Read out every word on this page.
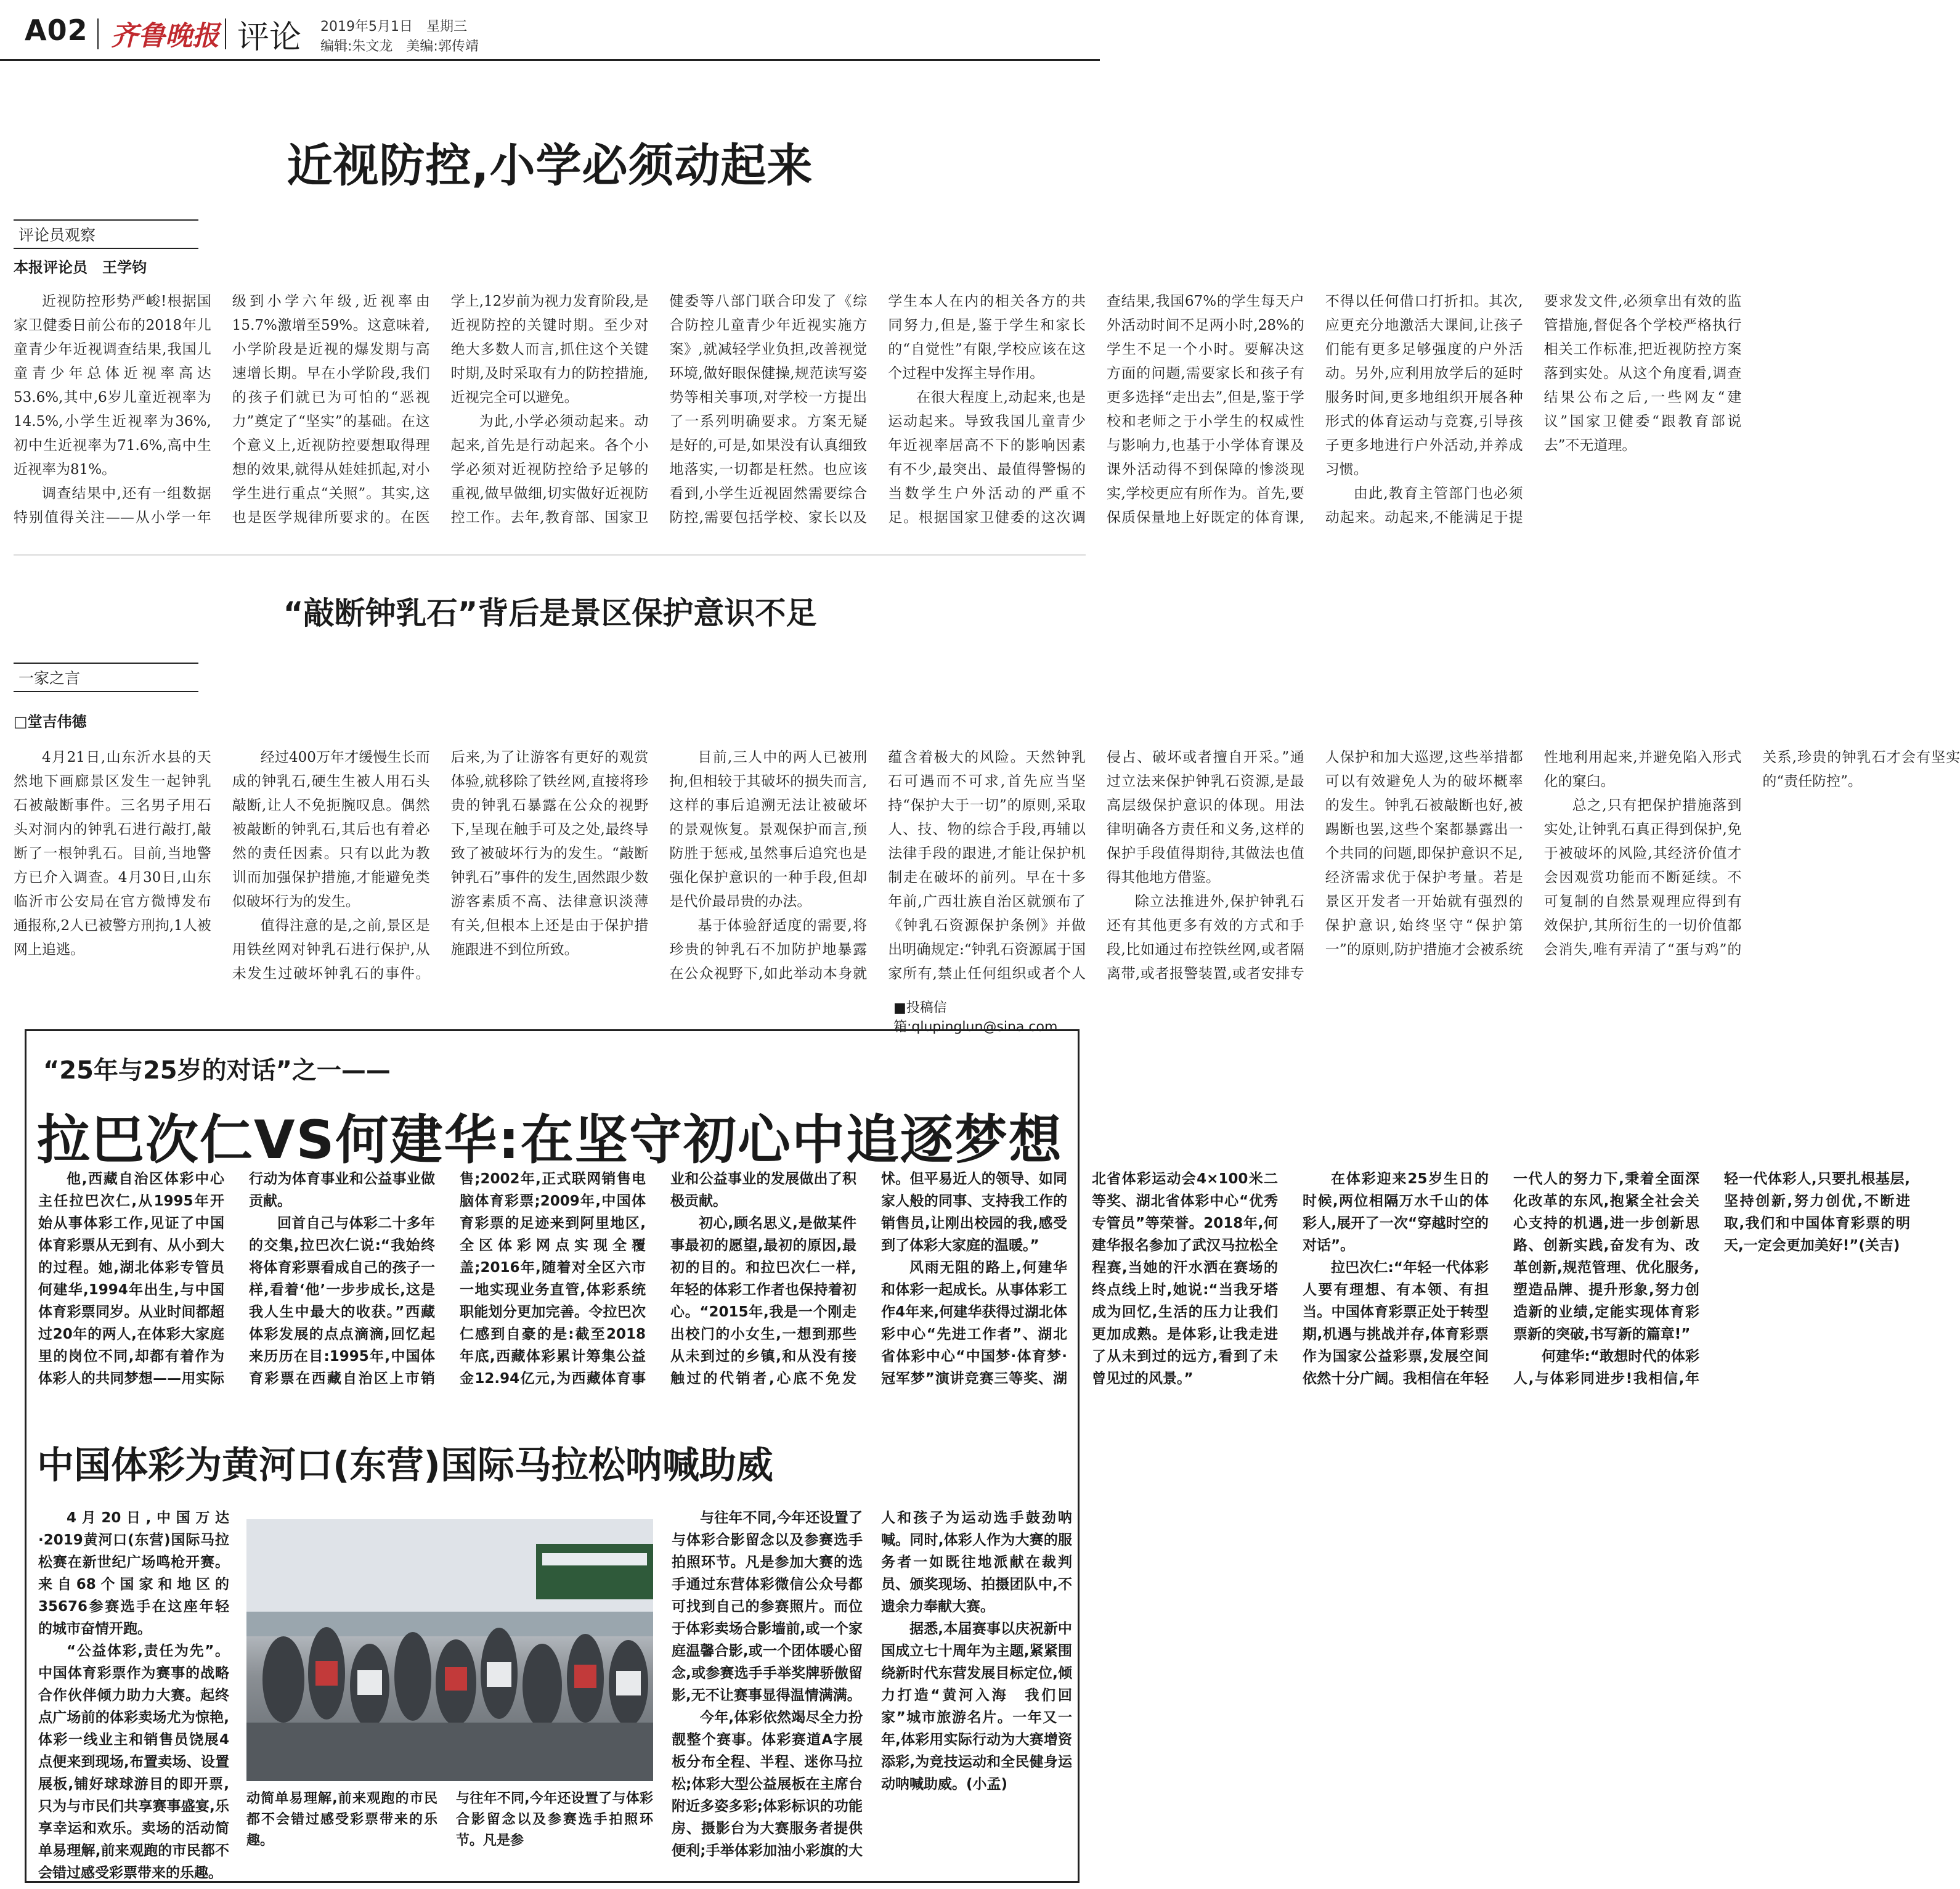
A02 齐鲁晚报 评论 2019年5月1日　星期三
编辑:朱文龙　美编:郭传靖
近视防控,小学必须动起来
评论员观察
本报评论员　王学钧

近视防控形势严峻!根据国家卫健委日前公布的2018年儿童青少年近视调查结果,我国儿童青少年总体近视率高达53.6%,其中,6岁儿童近视率为14.5%,小学生近视率为36%,初中生近视率为71.6%,高中生近视率为81%。

调查结果中,还有一组数据特别值得关注——从小学一年级到小学六年级,近视率由15.7%激增至59%。这意味着,小学阶段是近视的爆发期与高速增长期。早在小学阶段,我们的孩子们就已为可怕的“恶视力”奠定了“坚实”的基础。在这个意义上,近视防控要想取得理想的效果,就得从娃娃抓起,对小学生进行重点“关照”。其实,这也是医学规律所要求的。在医学上,12岁前为视力发育阶段,是近视防控的关键时期。至少对绝大多数人而言,抓住这个关键时期,及时采取有力的防控措施,近视完全可以避免。

为此,小学必须动起来。动起来,首先是行动起来。各个小学必须对近视防控给予足够的重视,做早做细,切实做好近视防控工作。去年,教育部、国家卫健委等八部门联合印发了《综合防控儿童青少年近视实施方案》,就减轻学业负担,改善视觉环境,做好眼保健操,规范读写姿势等相关事项,对学校一方提出了一系列明确要求。方案无疑是好的,可是,如果没有认真细致地落实,一切都是枉然。也应该看到,小学生近视固然需要综合防控,需要包括学校、家长以及学生本人在内的相关各方的共同努力,但是,鉴于学生和家长的“自觉性”有限,学校应该在这个过程中发挥主导作用。

在很大程度上,动起来,也是运动起来。导致我国儿童青少年近视率居高不下的影响因素有不少,最突出、最值得警惕的当数学生户外活动的严重不足。根据国家卫健委的这次调查结果,我国67%的学生每天户外活动时间不足两小时,28%的学生不足一个小时。要解决这方面的问题,需要家长和孩子有更多选择“走出去”,但是,鉴于学校和老师之于小学生的权威性与影响力,也基于小学体育课及课外活动得不到保障的惨淡现实,学校更应有所作为。首先,要保质保量地上好既定的体育课,不得以任何借口打折扣。其次,应更充分地激活大课间,让孩子们能有更多足够强度的户外活动。另外,应利用放学后的延时服务时间,更多地组织开展各种形式的体育运动与竞赛,引导孩子更多地进行户外活动,并养成习惯。

由此,教育主管部门也必须动起来。动起来,不能满足于提要求发文件,必须拿出有效的监管措施,督促各个学校严格执行相关工作标准,把近视防控方案落到实处。从这个角度看,调查结果公布之后,一些网友“建议”国家卫健委“跟教育部说去”不无道理。

“敲断钟乳石”背后是景区保护意识不足
一家之言
□堂吉伟德

4月21日,山东沂水县的天然地下画廊景区发生一起钟乳石被敲断事件。三名男子用石头对洞内的钟乳石进行敲打,敲断了一根钟乳石。目前,当地警方已介入调查。4月30日,山东临沂市公安局在官方微博发布通报称,2人已被警方刑拘,1人被网上追逃。

经过400万年才缓慢生长而成的钟乳石,硬生生被人用石头敲断,让人不免扼腕叹息。偶然被敲断的钟乳石,其后也有着必然的责任因素。只有以此为教训而加强保护措施,才能避免类似破坏行为的发生。

值得注意的是,之前,景区是用铁丝网对钟乳石进行保护,从未发生过破坏钟乳石的事件。后来,为了让游客有更好的观赏体验,就移除了铁丝网,直接将珍贵的钟乳石暴露在公众的视野下,呈现在触手可及之处,最终导致了被破坏行为的发生。“敲断钟乳石”事件的发生,固然跟少数游客素质不高、法律意识淡薄有关,但根本上还是由于保护措施跟进不到位所致。

目前,三人中的两人已被刑拘,但相较于其破坏的损失而言,这样的事后追溯无法让被破坏的景观恢复。景观保护而言,预防胜于惩戒,虽然事后追究也是强化保护意识的一种手段,但却是代价最昂贵的办法。

基于体验舒适度的需要,将珍贵的钟乳石不加防护地暴露在公众视野下,如此举动本身就蕴含着极大的风险。天然钟乳石可遇而不可求,首先应当坚持“保护大于一切”的原则,采取人、技、物的综合手段,再辅以法律手段的跟进,才能让保护机制走在破坏的前列。早在十多年前,广西壮族自治区就颁布了《钟乳石资源保护条例》并做出明确规定:“钟乳石资源属于国家所有,禁止任何组织或者个人侵占、破坏或者擅自开采。”通过立法来保护钟乳石资源,是最高层级保护意识的体现。用法律明确各方责任和义务,这样的保护手段值得期待,其做法也值得其他地方借鉴。

除立法推进外,保护钟乳石还有其他更多有效的方式和手段,比如通过布控铁丝网,或者隔离带,或者报警装置,或者安排专人保护和加大巡逻,这些举措都可以有效避免人为的破坏概率的发生。钟乳石被敲断也好,被踢断也罢,这些个案都暴露出一个共同的问题,即保护意识不足,经济需求优于保护考量。若是景区开发者一开始就有强烈的保护意识,始终坚守“保护第一”的原则,防护措施才会被系统性地利用起来,并避免陷入形式化的窠臼。

总之,只有把保护措施落到实处,让钟乳石真正得到保护,免于被破坏的风险,其经济价值才会因观赏功能而不断延续。不可复制的自然景观理应得到有效保护,其所衍生的一切价值都会消失,唯有弄清了“蛋与鸡”的关系,珍贵的钟乳石才会有坚实的“责任防控”。

■投稿信箱:qlupinglun@sina.com
“25年与25岁的对话”之一——
拉巴次仁VS何建华:在坚守初心中追逐梦想

他,西藏自治区体彩中心主任拉巴次仁,从1995年开始从事体彩工作,见证了中国体育彩票从无到有、从小到大的过程。她,湖北体彩专管员何建华,1994年出生,与中国体育彩票同岁。从业时间都超过20年的两人,在体彩大家庭里的岗位不同,却都有着作为体彩人的共同梦想——用实际行动为体育事业和公益事业做贡献。

回首自己与体彩二十多年的交集,拉巴次仁说:“我始终将体育彩票看成自己的孩子一样,看着‘他’一步步成长,这是我人生中最大的收获。”西藏体彩发展的点点滴滴,回忆起来历历在目:1995年,中国体育彩票在西藏自治区上市销售;2002年,正式联网销售电脑体育彩票;2009年,中国体育彩票的足迹来到阿里地区,全区体彩网点实现全覆盖;2016年,随着对全区六市一地实现业务直管,体彩系统职能划分更加完善。令拉巴次仁感到自豪的是:截至2018年底,西藏体彩累计筹集公益金12.94亿元,为西藏体育事业和公益事业的发展做出了积极贡献。

初心,顾名思义,是做某件事最初的愿望,最初的原因,最初的目的。和拉巴次仁一样,年轻的体彩工作者也保持着初心。“2015年,我是一个刚走出校门的小女生,一想到那些从未到过的乡镇,和从没有接触过的代销者,心底不免发怵。但平易近人的领导、如同家人般的同事、支持我工作的销售员,让刚出校园的我,感受到了体彩大家庭的温暖。”

风雨无阻的路上,何建华和体彩一起成长。从事体彩工作4年来,何建华获得过湖北体彩中心“先进工作者”、湖北省体彩中心“中国梦·体育梦·冠军梦”演讲竞赛三等奖、湖北省体彩运动会4×100米二等奖、湖北省体彩中心“优秀专管员”等荣誉。2018年,何建华报名参加了武汉马拉松全程赛,当她的汗水洒在赛场的终点线上时,她说:“当我牙塔成为回忆,生活的压力让我们更加成熟。是体彩,让我走进了从未到过的远方,看到了未曾见过的风景。”

在体彩迎来25岁生日的时候,两位相隔万水千山的体彩人,展开了一次“穿越时空的对话”。

拉巴次仁:“年轻一代体彩人要有理想、有本领、有担当。中国体育彩票正处于转型期,机遇与挑战并存,体育彩票作为国家公益彩票,发展空间依然十分广阔。我相信在年轻一代人的努力下,秉着全面深化改革的东风,抱紧全社会关心支持的机遇,进一步创新思路、创新实践,奋发有为、改革创新,规范管理、优化服务,塑造品牌、提升形象,努力创造新的业绩,定能实现体育彩票新的突破,书写新的篇章!”

何建华:“敢想时代的体彩人,与体彩同进步!我相信,年轻一代体彩人,只要扎根基层,坚持创新,努力创优,不断进取,我们和中国体育彩票的明天,一定会更加美好!”(关吉)

中国体彩为黄河口(东营)国际马拉松呐喊助威

4月20日,中国万达·2019黄河口(东营)国际马拉松赛在新世纪广场鸣枪开赛。来自68个国家和地区的35676参赛选手在这座年轻的城市奋情开跑。

“公益体彩,责任为先”。中国体育彩票作为赛事的战略合作伙伴倾力助力大赛。起终点广场前的体彩卖场尤为惊艳,体彩一线业主和销售员饶展4点便来到现场,布置卖场、设置展板,铺好球球游目的即开票,只为与市民们共享赛事盛宴,乐享幸运和欢乐。卖场的活动简单易理解,前来观跑的市民都不会错过感受彩票带来的乐趣。

动简单易理解,前来观跑的市民都不会错过感受彩票带来的乐趣。

与往年不同,今年还设置了与体彩合影留念以及参赛选手拍照环节。凡是参

与往年不同,今年还设置了与体彩合影留念以及参赛选手拍照环节。凡是参加大赛的选手通过东营体彩微信公众号都可找到自己的参赛照片。而位于体彩卖场合影墙前,或一个家庭温馨合影,或一个团体暖心留念,或参赛选手手举奖牌骄傲留影,无不让赛事显得温情满满。

今年,体彩依然竭尽全力扮靓整个赛事。体彩赛道A字展板分布全程、半程、迷你马拉松;体彩大型公益展板在主席台附近多姿多彩;体彩标识的功能房、摄影台为大赛服务者提供便利;手举体彩加油小彩旗的大人和孩子为运动选手鼓劲呐喊。同时,体彩人作为大赛的服务者一如既往地派献在裁判员、颁奖现场、拍摄团队中,不遗余力奉献大赛。

据悉,本届赛事以庆祝新中国成立七十周年为主题,紧紧围绕新时代东营发展目标定位,倾力打造“黄河入海　我们回家”城市旅游名片。一年又一年,体彩用实际行动为大赛增资添彩,为竞技运动和全民健身运动呐喊助威。(小孟)
